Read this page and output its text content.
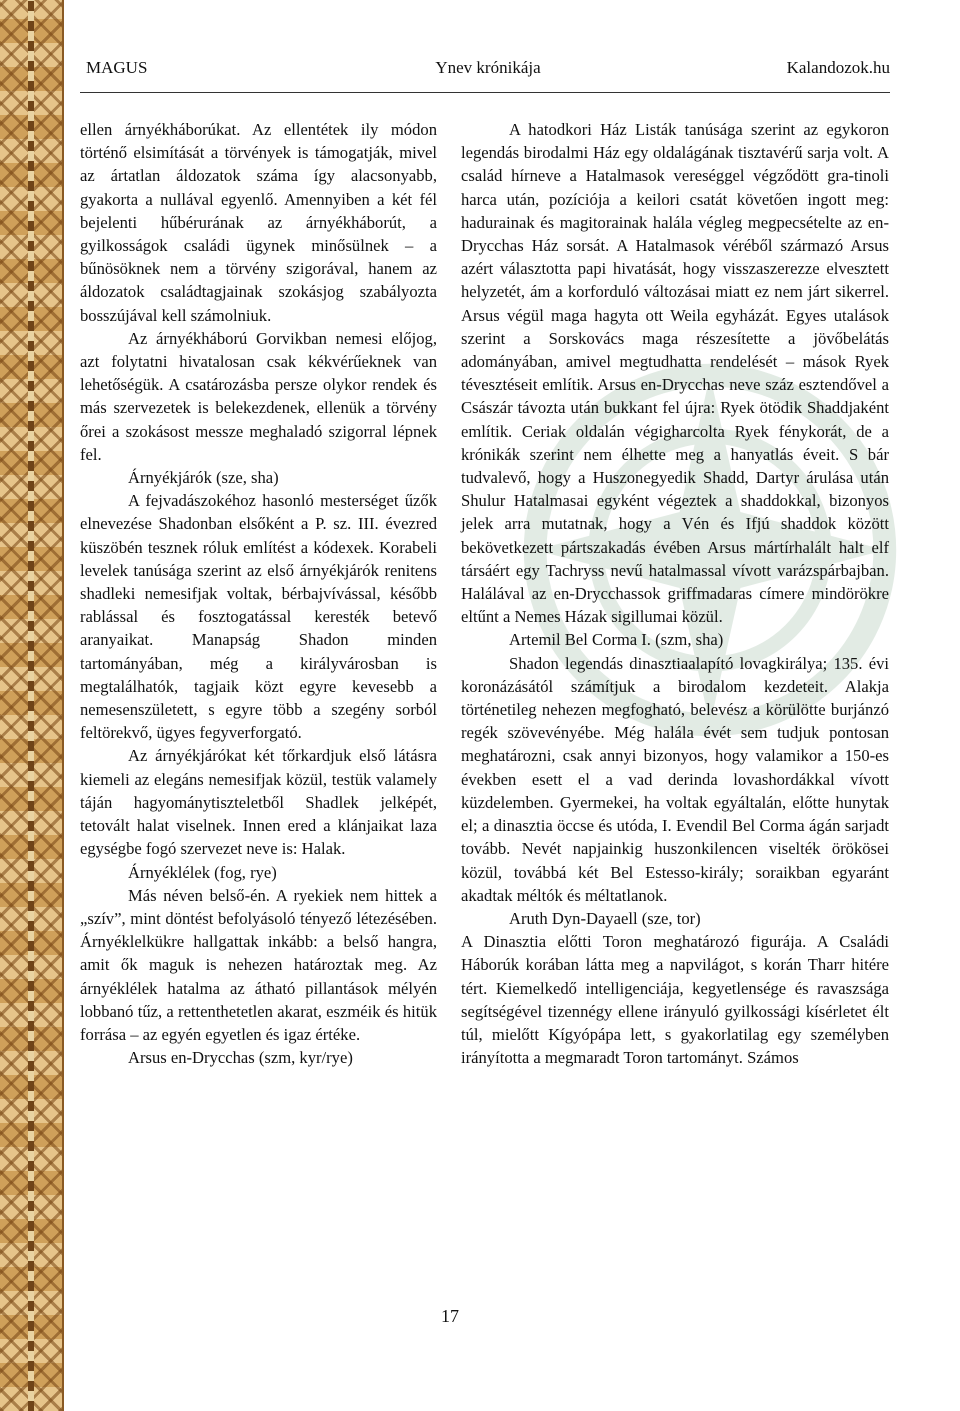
Ynev krónikája
MAGUS	Kalandozok.hu

ellen árnyékháborúkat. Az ellentétek ily módon történő elsimítását a törvények is támogatják, mivel az ártatlan áldozatok száma így alacsonyabb, gyakorta a nullával egyenlő. Amennyiben a két fél bejelenti hűbérurának az árnyékháborút, a gyilkosságok családi ügynek minősülnek – a bűnösöknek nem a törvény szigorával, hanem az áldozatok családtagjainak szokásjog szabályozta bosszújával kell számolniuk.

Az árnyékháború Gorvikban nemesi előjog, azt folytatni hivatalosan csak kékvérűeknek van lehetőségük. A csatározásba persze olykor rendek és más szervezetek is belekezdenek, ellenük a törvény őrei a szokásost messze meghaladó szigorral lépnek fel.

Árnyékjárók (sze, sha)

A fejvadászokéhoz hasonló mesterséget űzők elnevezése Shadonban elsőként a P. sz. III. évezred küszöbén tesznek róluk említést a kódexek. Korabeli levelek tanúsága szerint az első árnyékjárók renitens shadleki nemesifjak voltak, bérbajvívással, később rablással és fosztogatással keresték betevő aranyaikat. Manapság Shadon minden tartományában, még a királyvárosban is megtalálhatók, tagjaik közt egyre kevesebb a nemesenszületett, s egyre több a szegény sorból feltörekvő, ügyes fegyverforgató.

Az árnyékjárókat két tőrkardjuk első látásra kiemeli az elegáns nemesifjak közül, testük valamely táján hagyománytiszteletből Shadlek jelképét, tetovált halat viselnek. Innen ered a klánjaikat laza egységbe fogó szervezet neve is: Halak.

Árnyéklélek (fog, rye)

Más néven belső-én. A ryekiek nem hittek a „szív”, mint döntést befolyásoló tényező létezésében. Árnyéklelkükre hallgattak inkább: a belső hangra, amit ők maguk is nehezen határoztak meg. Az árnyéklélek hatalma az átható pillantások mélyén lobbanó tűz, a rettenthetetlen akarat, eszméik és hitük forrása – az egyén egyetlen és igaz értéke.

Arsus en-Drycchas (szm, kyr/rye)

A hatodkori Ház Listák tanúsága szerint az egykoron legendás birodalmi Ház egy oldalágának tisztavérű sarja volt. A család hírneve a Hatalmasok vereséggel végződött gra-tinoli harca után, pozíciója a keilori csatát követően ingott meg: hadurainak és magitorainak halála végleg megpecsételte az en-Drycchas Ház sorsát. A Hatalmasok véréből származó Arsus azért választotta papi hivatását, hogy visszaszerezze elvesztett helyzetét, ám a korforduló változásai miatt ez nem járt sikerrel. Arsus végül maga hagyta ott Weila egyházát. Egyes utalások szerint a Sorskovács maga részesítette a jövőbelátás adományában, amivel megtudhatta rendelését – mások Ryek tévesztéseit említik. Arsus en-Drycchas neve száz esztendővel a Császár távozta után bukkant fel újra: Ryek ötödik Shaddjaként említik. Ceriak oldalán végigharcolta Ryek fénykorát, de a krónikák szerint nem élhette meg a hanyatlás éveit. S bár tudvalevő, hogy a Huszonegyedik Shadd, Dartyr árulása után Shulur Hatalmasai egyként végeztek a shaddokkal, bizonyos jelek arra mutatnak, hogy a Vén és Ifjú shaddok között bekövetkezett pártszakadás évében Arsus mártírhalált halt elf társáért egy Tachryss nevű hatalmassal vívott varázspárbajban. Halálával az en-Drycchassok griffmadaras címere mindörökre eltűnt a Nemes Házak sigillumai közül.

Artemil Bel Corma I. (szm, sha)

Shadon legendás dinasztiaalapító lovagkirálya; 135. évi koronázásától számítjuk a birodalom kezdeteit. Alakja történetileg nehezen megfogható, belevész a körülötte burjánzó regék szövevényébe. Még halála évét sem tudjuk pontosan meghatározni, csak annyi bizonyos, hogy valamikor a 150-es években esett el a vad derinda lovashordákkal vívott küzdelemben. Gyermekei, ha voltak egyáltalán, előtte hunytak el; a dinasztia öccse és utóda, I. Evendil Bel Corma ágán sarjadt tovább. Nevét napjainkig huszonkilencen viselték örökösei közül, továbbá két Bel Estesso-király; soraikban egyaránt akadtak méltók és méltatlanok.

Aruth Dyn-Dayaell (sze, tor)

A Dinasztia előtti Toron meghatározó figurája. A Családi Háborúk korában látta meg a napvilágot, s korán Tharr hitére tért. Kiemelkedő intelligenciája, kegyetlensége és ravaszsága segítségével tizennégy ellene irányuló gyilkossági kísérletet élt túl, mielőtt Kígyópápa lett, s gyakorlatilag egy személyben irányította a megmaradt Toron tartományt. Számos

17
